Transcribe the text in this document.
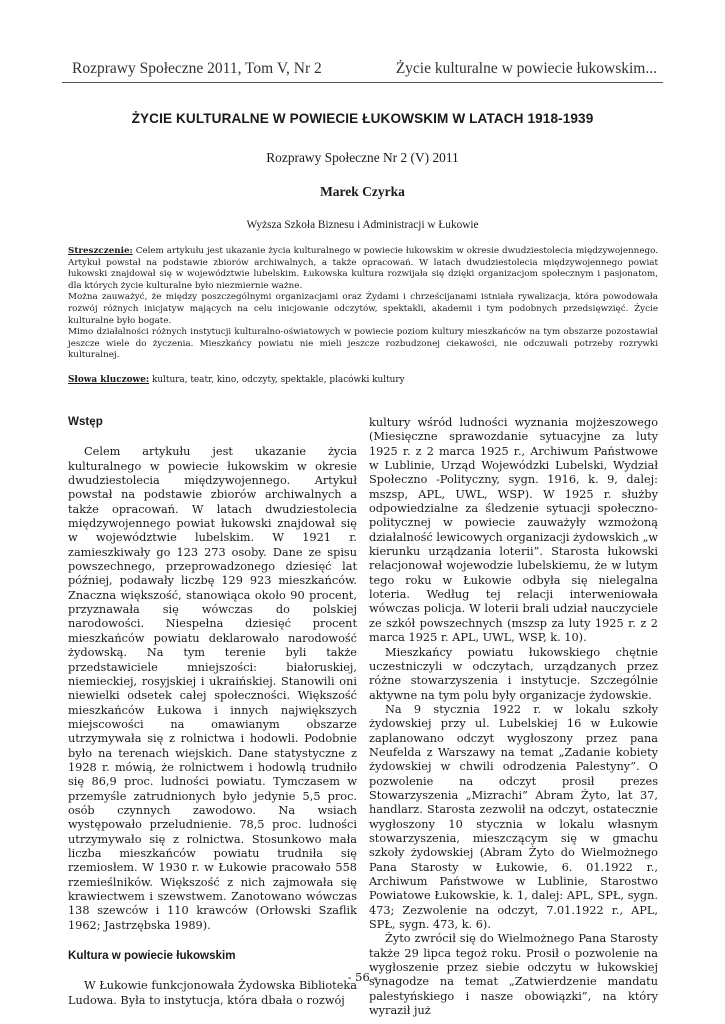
Rozprawy Społeczne 2011, Tom V, Nr 2	Życie kulturalne w powiecie łukowskim...
ŻYCIE KULTURALNE W POWIECIE ŁUKOWSKIM W LATACH 1918-1939
Rozprawy Społeczne Nr 2 (V) 2011
Marek Czyrka
Wyższa Szkoła Biznesu i Administracji w Łukowie

Streszczenie: Celem artykułu jest ukazanie życia kulturalnego w powiecie łukowskim w okresie dwudziestolecia międzywojennego. Artykuł powstał na podstawie zbiorów archiwalnych, a także opracowań. W latach dwudziestolecia międzywojennego powiat łukowski znajdował się w województwie lubelskim. Łukowska kultura rozwijała się dzięki organizacjom społecznym i pasjonatom, dla których życie kulturalne było niezmiernie ważne.

Można zauważyć, że między poszczególnymi organizacjami oraz Żydami i chrześcijanami istniała rywalizacja, która powodowała rozwój różnych inicjatyw mających na celu inicjowanie odczytów, spektakli, akademii i tym podobnych przedsięwzięć. Życie kulturalne było bogate.

Mimo działalności różnych instytucji kulturalno-oświatowych w powiecie poziom kultury mieszkańców na tym obszarze pozostawiał jeszcze wiele do życzenia. Mieszkańcy powiatu nie mieli jeszcze rozbudzonej ciekawości, nie odczuwali potrzeby rozrywki kulturalnej.

Słowa kluczowe: kultura, teatr, kino, odczyty, spektakle, placówki kultury
Wstęp

Celem artykułu jest ukazanie życia kulturalnego w powiecie łukowskim w okresie dwudziestolecia międzywojennego. Artykuł powstał na podstawie zbiorów archiwalnych a także opracowań. W latach dwudziestolecia międzywojennego powiat łukowski znajdował się w województwie lubelskim. W 1921 r. zamieszkiwały go 123 273 osoby. Dane ze spisu powszechnego, przeprowadzonego dziesięć lat później, podawały liczbę 129 923 mieszkańców. Znaczna większość, stanowiąca około 90 procent, przyznawała się wówczas do polskiej narodowości. Niespełna dziesięć procent mieszkańców powiatu deklarowało narodowość żydowską. Na tym terenie byli także przedstawiciele mniejszości: białoruskiej, niemieckiej, rosyjskiej i ukraińskiej. Stanowili oni niewielki odsetek całej społeczności. Większość mieszkańców Łukowa i innych największych miejscowości na omawianym obszarze utrzymywała się z rolnictwa i hodowli. Podobnie było na terenach wiejskich. Dane statystyczne z 1928 r. mówią, że rolnictwem i hodowlą trudniło się 86,9 proc. ludności powiatu. Tymczasem w przemyśle zatrudnionych było jedynie 5,5 proc. osób czynnych zawodowo. Na wsiach występowało przeludnienie. 78,5 proc. ludności utrzymywało się z rolnictwa. Stosunkowo mała liczba mieszkańców powiatu trudniła się rzemiosłem. W 1930 r. w Łukowie pracowało 558 rzemieślników. Większość z nich zajmowała się krawiectwem i szewstwem. Zanotowano wówczas 138 szewców i 110 krawców (Orłowski Szaflik 1962; Jastrzębska 1989).

Kultura w powiecie łukowskim

W Łukowie funkcjonowała Żydowska Biblioteka Ludowa. Była to instytucja, która dbała o rozwój

kultury wśród ludności wyznania mojżeszowego (Miesięczne sprawozdanie sytuacyjne za luty 1925 r. z 2 marca 1925 r., Archiwum Państwowe w Lublinie, Urząd Wojewódzki Lubelski, Wydział Społeczno -Polityczny, sygn. 1916, k. 9, dalej: mszsp, APL, UWL, WSP). W 1925 r. służby odpowiedzialne za śledzenie sytuacji społeczno-politycznej w powiecie zauważyły wzmożoną działalność lewicowych organizacji żydowskich „w kierunku urządzania loterii”. Starosta łukowski relacjonował wojewodzie lubelskiemu, że w lutym tego roku w Łukowie odbyła się nielegalna loteria. Według tej relacji interweniowała wówczas policja. W loterii brali udział nauczyciele ze szkół powszechnych (mszsp za luty 1925 r. z 2 marca 1925 r. APL, UWL, WSP, k. 10).

Mieszkańcy powiatu łukowskiego chętnie uczestniczyli w odczytach, urządzanych przez różne stowarzyszenia i instytucje. Szczególnie aktywne na tym polu były organizacje żydowskie.

Na 9 stycznia 1922 r. w lokalu szkoły żydowskiej przy ul. Lubelskiej 16 w Łukowie zaplanowano odczyt wygłoszony przez pana Neufelda z Warszawy na temat „Zadanie kobiety żydowskiej w chwili odrodzenia Palestyny”. O pozwolenie na odczyt prosił prezes Stowarzyszenia „Mizrachi” Abram Żyto, lat 37, handlarz. Starosta zezwolił na odczyt, ostatecznie wygłoszony 10 stycznia w lokalu własnym stowarzyszenia, mieszczącym się w gmachu szkoły żydowskiej (Abram Żyto do Wielmożnego Pana Starosty w Łukowie, 6. 01.1922 r., Archiwum Państwowe w Lublinie, Starostwo Powiatowe Łukowskie, k. 1, dalej: APL, SPŁ, sygn. 473; Zezwolenie na odczyt, 7.01.1922 r., APL, SPŁ, sygn. 473, k. 6).

Żyto zwrócił się do Wielmożnego Pana Starosty także 29 lipca tegoż roku. Prosił o pozwolenie na wygłoszenie przez siebie odczytu w łukowskiej synagodze na temat „Zatwierdzenie mandatu palestyńskiego i nasze obowiązki”, na który wyraził już

- 56 -
